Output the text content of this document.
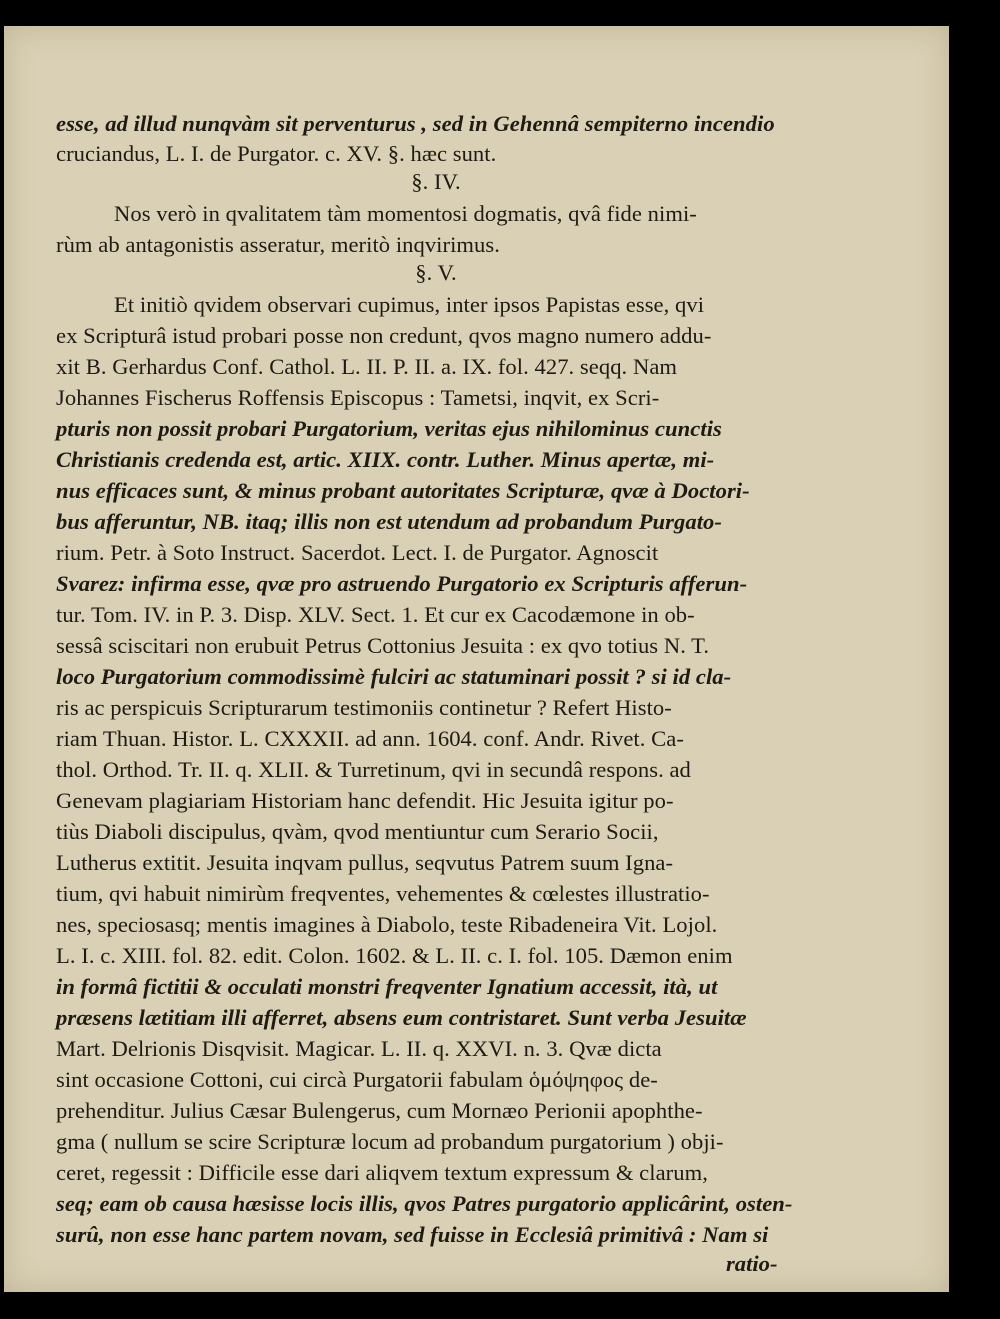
esse, ad illud nunqvàm sit perventurus , sed in Gehennâ sempiterno incendio
cruciandus, L. I. de Purgator. c. XV. §. hæc sunt.
§. IV.
Nos verò in qvalitatem tàm momentosi dogmatis, qvâ fide nimi-
rùm ab antagonistis asseratur, meritò inqvirimus.
§. V.
Et initiò qvidem observari cupimus, inter ipsos Papistas esse, qvi
ex Scripturâ istud probari posse non credunt, qvos magno numero addu-
xit B. Gerhardus Conf. Cathol. L. II. P. II. a. IX. fol. 427. seqq. Nam
Johannes Fischerus Roffensis Episcopus : Tametsi, inqvit, ex Scri-
pturis non possit probari Purgatorium, veritas ejus nihilominus cunctis
Christianis credenda est, artic. XIIX. contr. Luther. Minus apertæ, mi-
nus efficaces sunt, & minus probant autoritates Scripturæ, qvæ à Doctori-
bus afferuntur, NB. itaq; illis non est utendum ad probandum Purgato-
rium. Petr. à Soto Instruct. Sacerdot. Lect. I. de Purgator. Agnoscit
Svarez: infirma esse, qvæ pro astruendo Purgatorio ex Scripturis afferun-
tur. Tom. IV. in P. 3. Disp. XLV. Sect. 1. Et cur ex Cacodæmone in ob-
sessâ sciscitari non erubuit Petrus Cottonius Jesuita : ex qvo totius N. T.
loco Purgatorium commodissimè fulciri ac statuminari possit ? si id cla-
ris ac perspicuis Scripturarum testimoniis continetur ? Refert Histo-
riam Thuan. Histor. L. CXXXII. ad ann. 1604. conf. Andr. Rivet. Ca-
thol. Orthod. Tr. II. q. XLII. & Turretinum, qvi in secundâ respons. ad
Genevam plagiariam Historiam hanc defendit. Hic Jesuita igitur po-
tiùs Diaboli discipulus, qvàm, qvod mentiuntur cum Serario Socii,
Lutherus extitit. Jesuita inqvam pullus, seqvutus Patrem suum Igna-
tium, qvi habuit nimirùm freqventes, vehementes & cœlestes illustratio-
nes, speciosasq; mentis imagines à Diabolo, teste Ribadeneira Vit. Lojol.
L. I. c. XIII. fol. 82. edit. Colon. 1602. & L. II. c. I. fol. 105. Dæmon enim
in formâ fictitii & occulati monstri freqventer Ignatium accessit, ità, ut
præsens lætitiam illi afferret, absens eum contristaret. Sunt verba Jesuitæ
Mart. Delrionis Disqvisit. Magicar. L. II. q. XXVI. n. 3. Qvæ dicta
sint occasione Cottoni, cui circà Purgatorii fabulam ὁμόψηφος de-
prehenditur. Julius Cæsar Bulengerus, cum Mornæo Perionii apophthe-
gma ( nullum se scire Scripturæ locum ad probandum purgatorium ) obji-
ceret, regessit : Difficile esse dari aliqvem textum expressum & clarum,
seq; eam ob causa hæsisse locis illis, qvos Patres purgatorio applicârint, osten-
surû, non esse hanc partem novam, sed fuisse in Ecclesiâ primitivâ : Nam si
ratio-
